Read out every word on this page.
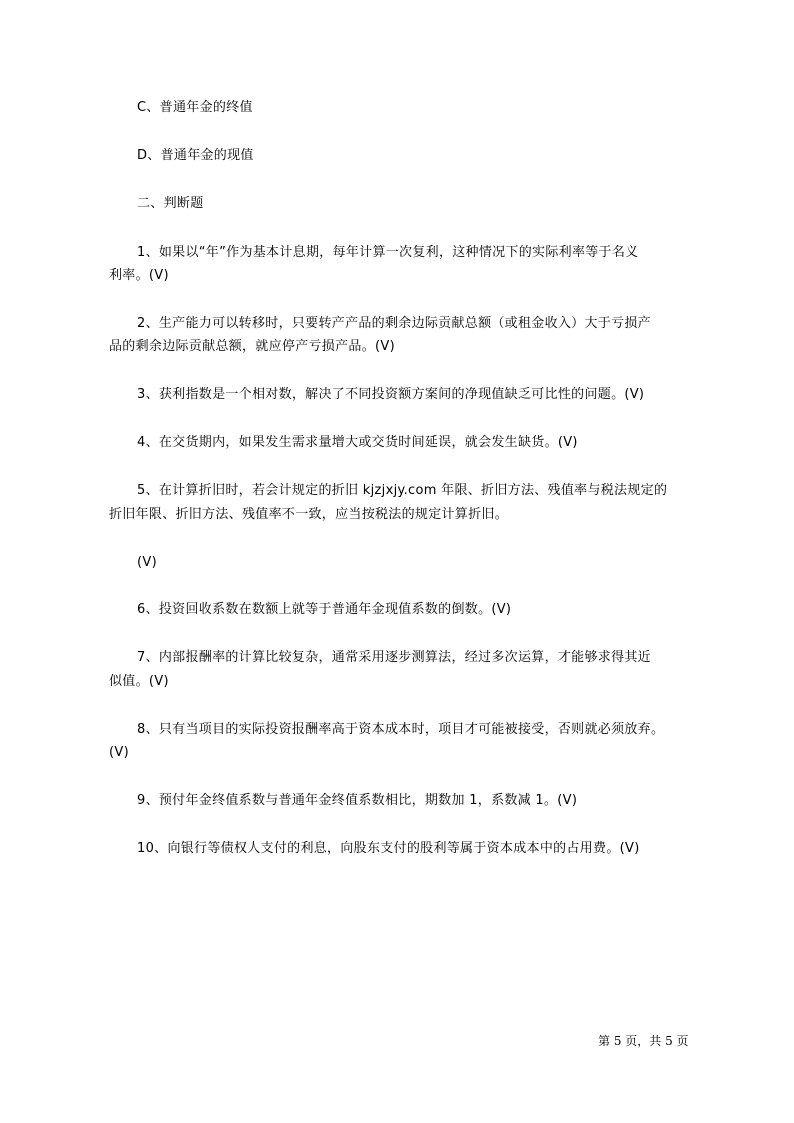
C、普通年金的终值
D、普通年金的现值
二、判断题
1、如果以“年”作为基本计息期，每年计算一次复利，这种情况下的实际利率等于名义
利率。(V)
2、生产能力可以转移时，只要转产产品的剩余边际贡献总额（或租金收入）大于亏损产
品的剩余边际贡献总额，就应停产亏损产品。(V)
3、获利指数是一个相对数，解决了不同投资额方案间的净现值缺乏可比性的问题。(V)
4、在交货期内，如果发生需求量增大或交货时间延误，就会发生缺货。(V)
5、在计算折旧时，若会计规定的折旧 kjzjxjy.com 年限、折旧方法、残值率与税法规定的
折旧年限、折旧方法、残值率不一致，应当按税法的规定计算折旧。
(V)
6、投资回收系数在数额上就等于普通年金现值系数的倒数。(V)
7、内部报酬率的计算比较复杂，通常采用逐步测算法，经过多次运算，才能够求得其近
似值。(V)
8、只有当项目的实际投资报酬率高于资本成本时，项目才可能被接受，否则就必须放弃。
(V)
9、预付年金终值系数与普通年金终值系数相比，期数加 1，系数减 1。(V)
10、向银行等债权人支付的利息，向股东支付的股利等属于资本成本中的占用费。(V)
第 5 页，共 5 页
